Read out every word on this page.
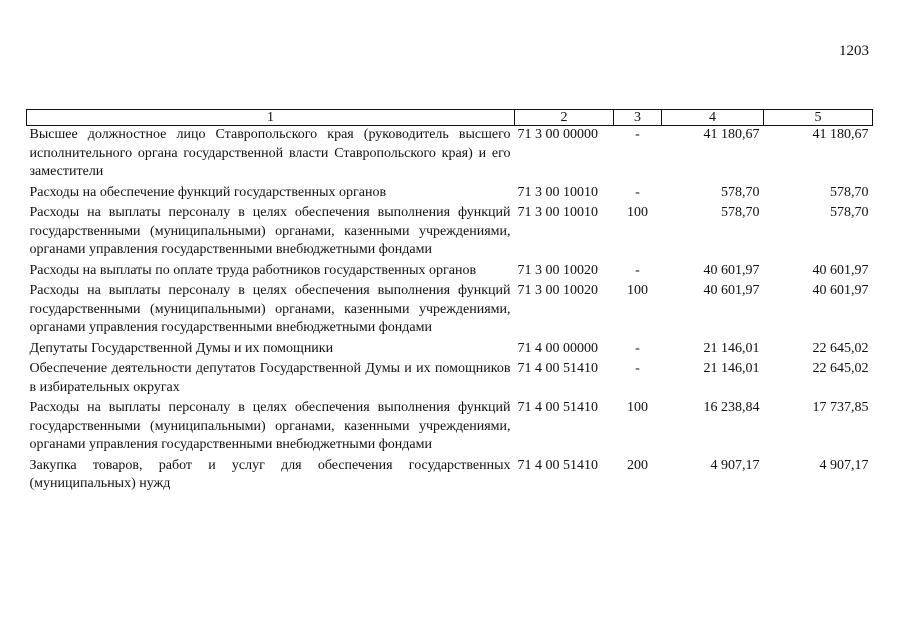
1203
1	2	3	4	5
Высшее должностное лицо Ставропольского края (руководитель высшего исполнительного органа государственной власти Ставропольского края) и его заместители	71 3 00 00000	-	41 180,67	41 180,67
Расходы на обеспечение функций государственных органов	71 3 00 10010	-	578,70	578,70
Расходы на выплаты персоналу в целях обеспечения выполнения функций государственными (муниципальными) органами, казенными учреждениями, органами управления государственными внебюджетными фондами	71 3 00 10010	100	578,70	578,70
Расходы на выплаты по оплате труда работников государственных органов	71 3 00 10020	-	40 601,97	40 601,97
Расходы на выплаты персоналу в целях обеспечения выполнения функций государственными (муниципальными) органами, казенными учреждениями, органами управления государственными внебюджетными фондами	71 3 00 10020	100	40 601,97	40 601,97
Депутаты Государственной Думы и их помощники	71 4 00 00000	-	21 146,01	22 645,02
Обеспечение деятельности депутатов Государственной Думы и их помощников в избирательных округах	71 4 00 51410	-	21 146,01	22 645,02
Расходы на выплаты персоналу в целях обеспечения выполнения функций государственными (муниципальными) органами, казенными учреждениями, органами управления государственными внебюджетными фондами	71 4 00 51410	100	16 238,84	17 737,85
Закупка товаров, работ и услуг для обеспечения государственных (муниципальных) нужд	71 4 00 51410	200	4 907,17	4 907,17
